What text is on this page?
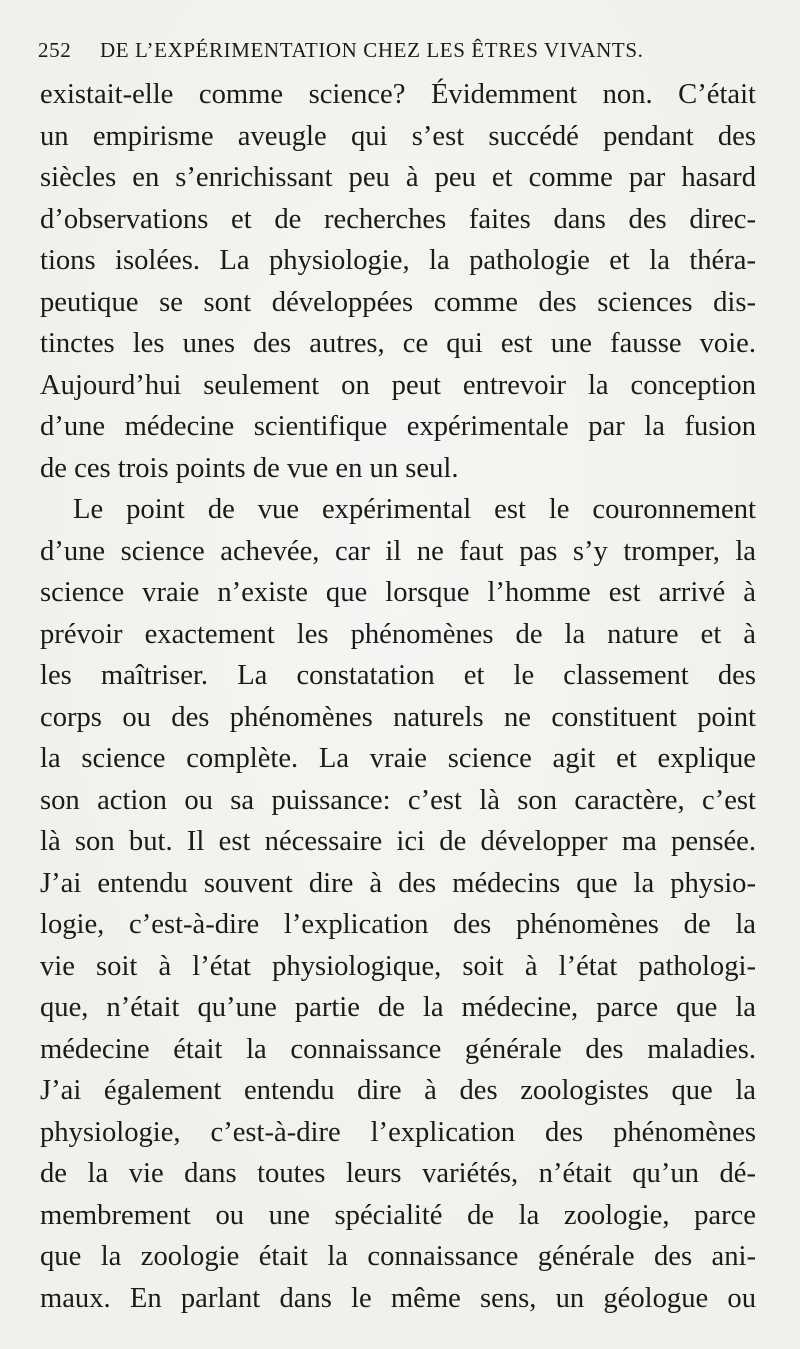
252 DE L’EXPÉRIMENTATION CHEZ LES ÊTRES VIVANTS.
existait-elle comme science? Évidemment non. C’était
un empirisme aveugle qui s’est succédé pendant des
siècles en s’enrichissant peu à peu et comme par hasard
d’observations et de recherches faites dans des direc-
tions isolées. La physiologie, la pathologie et la théra-
peutique se sont développées comme des sciences dis-
tinctes les unes des autres, ce qui est une fausse voie.
Aujourd’hui seulement on peut entrevoir la conception
d’une médecine scientifique expérimentale par la fusion
de ces trois points de vue en un seul.
Le point de vue expérimental est le couronnement
d’une science achevée, car il ne faut pas s’y tromper, la
science vraie n’existe que lorsque l’homme est arrivé à
prévoir exactement les phénomènes de la nature et à
les maîtriser. La constatation et le classement des
corps ou des phénomènes naturels ne constituent point
la science complète. La vraie science agit et explique
son action ou sa puissance: c’est là son caractère, c’est
là son but. Il est nécessaire ici de développer ma pensée.
J’ai entendu souvent dire à des médecins que la physio-
logie, c’est-à-dire l’explication des phénomènes de la
vie soit à l’état physiologique, soit à l’état pathologi-
que, n’était qu’une partie de la médecine, parce que la
médecine était la connaissance générale des maladies.
J’ai également entendu dire à des zoologistes que la
physiologie, c’est-à-dire l’explication des phénomènes
de la vie dans toutes leurs variétés, n’était qu’un dé-
membrement ou une spécialité de la zoologie, parce
que la zoologie était la connaissance générale des ani-
maux. En parlant dans le même sens, un géologue ou
